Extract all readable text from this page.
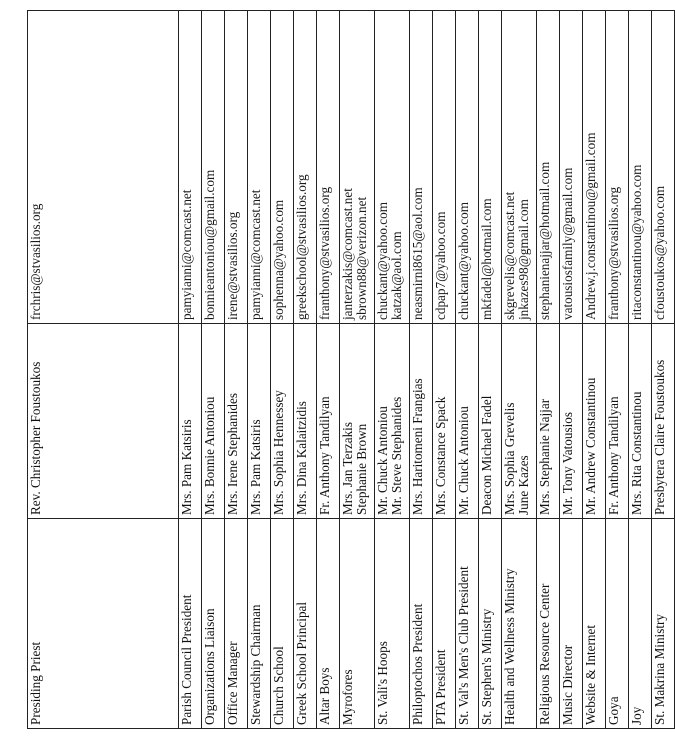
Presiding Priest	Rev. Christopher Foustoukos	frchris@stvasilios.org

Parish Council President	Mrs. Pam Katsiris	pamyianni@comcast.net

Organizations Liaison	Mrs. Bonnie Antoniou	bonnieantoniou@gmail.com

Office Manager	Mrs. Irene Stephanides	irene@stvasilios.org

Stewardship Chairman	Mrs. Pam Katsiris	pamyianni@comcast.net

Church School	Mrs. Sophia Hennessey	sophenna@yahoo.com

Greek School Principal	Mrs. Dina Kalaitzidis	greekschool@stvasilios.org

Altar Boys	Fr. Anthony Tandilyan	franthony@stvasilios.org

Myrofores	Mrs. Jan Terzakis Stephanie Brown	janterzakis@comcast.net sbrown88@verizon.net

St. Vali's Hoops	Mr. Chuck Antoniou Mr. Steve Stephanides	chuckant@yahoo.com katzak@aol.com

Philoptochos President	Mrs. Haritomeni Frangias	neasmirni8615@aol.com

PTA President	Mrs. Constance Spack	cdpap7@yahoo.com

St. Val's Men's Club President	Mr. Chuck Antoniou	chuckant@yahoo.com

St. Stephen's Ministry	Deacon Michael Fadel	mkfadel@hotmail.com

Health and Wellness Ministry	Mrs. Sophia Grevelis June Kazes	skgrevelis@comcast.net jnkazes98@gmail.com

Religious Resource Center	Mrs. Stephanie Najjar	stephanienajjar@hotmail.com

Music Director	Mr. Tony Vatousios	vatousiosfamily@gmail.com

Website & Internet	Mr. Andrew Constantinou	Andrew.j.constantinou@gmail.com

Goya	Fr. Anthony Tandilyan	franthony@stvasilios.org

Joy	Mrs. Rita Constantinou	ritaconstantinou@yahoo.com

St. Makrina Ministry	Presbytera Claire Foustoukos	cfoustoukos@yahoo.com
